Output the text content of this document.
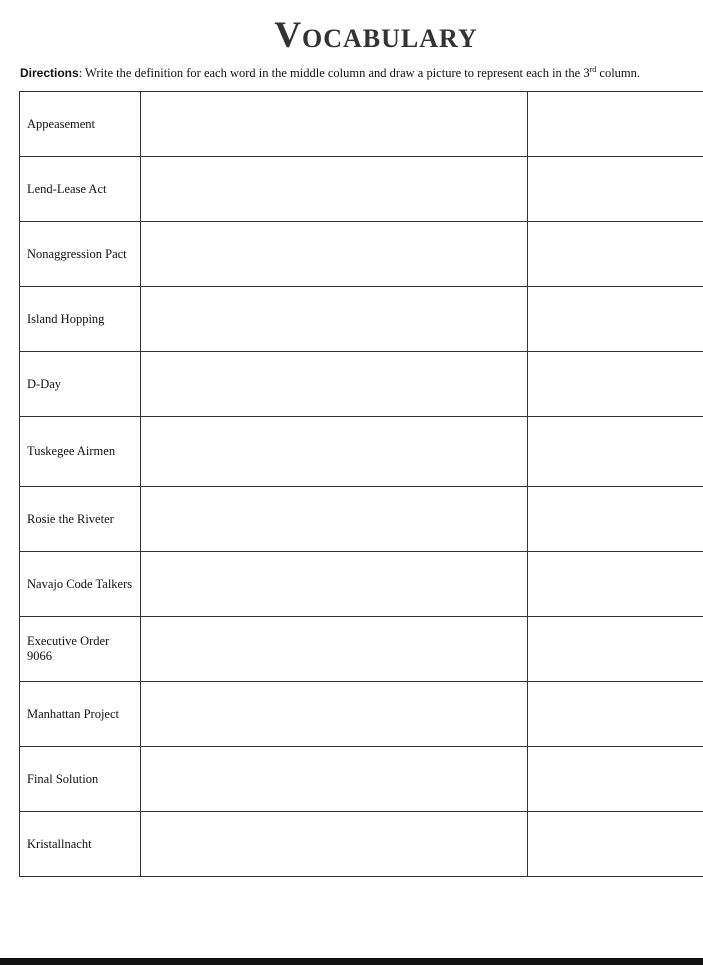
Vocabulary
Directions: Write the definition for each word in the middle column and draw a picture to represent each in the 3rd column.
Appeasement		
Lend-Lease Act		
Nonaggression Pact		
Island Hopping		
D-Day		
Tuskegee Airmen		
Rosie the Riveter		
Navajo Code Talkers		
Executive Order 9066		
Manhattan Project		
Final Solution		
Kristallnacht		
